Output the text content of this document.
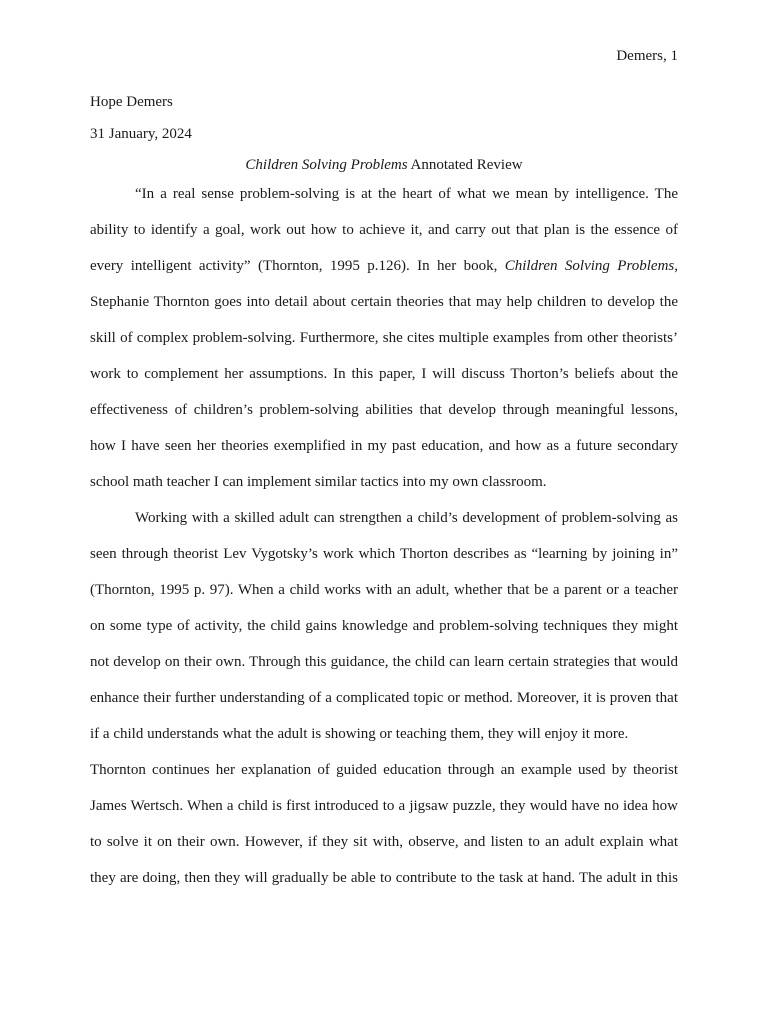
Demers, 1
Hope Demers
31 January, 2024
Children Solving Problems Annotated Review
“In a real sense problem-solving is at the heart of what we mean by intelligence. The
ability to identify a goal, work out how to achieve it, and carry out that plan is the essence of
every intelligent activity” (Thornton, 1995 p.126). In her book, Children Solving Problems,
Stephanie Thornton goes into detail about certain theories that may help children to develop the
skill of complex problem-solving. Furthermore, she cites multiple examples from other theorists’
work to complement her assumptions. In this paper, I will discuss Thorton’s beliefs about the
effectiveness of children’s problem-solving abilities that develop through meaningful lessons,
how I have seen her theories exemplified in my past education, and how as a future secondary
school math teacher I can implement similar tactics into my own classroom.
Working with a skilled adult can strengthen a child’s development of problem-solving as
seen through theorist Lev Vygotsky’s work which Thorton describes as “learning by joining in”
(Thornton, 1995 p. 97). When a child works with an adult, whether that be a parent or a teacher
on some type of activity, the child gains knowledge and problem-solving techniques they might
not develop on their own. Through this guidance, the child can learn certain strategies that would
enhance their further understanding of a complicated topic or method. Moreover, it is proven that
if a child understands what the adult is showing or teaching them, they will enjoy it more.
Thornton continues her explanation of guided education through an example used by theorist
James Wertsch. When a child is first introduced to a jigsaw puzzle, they would have no idea how
to solve it on their own. However, if they sit with, observe, and listen to an adult explain what
they are doing, then they will gradually be able to contribute to the task at hand. The adult in this
